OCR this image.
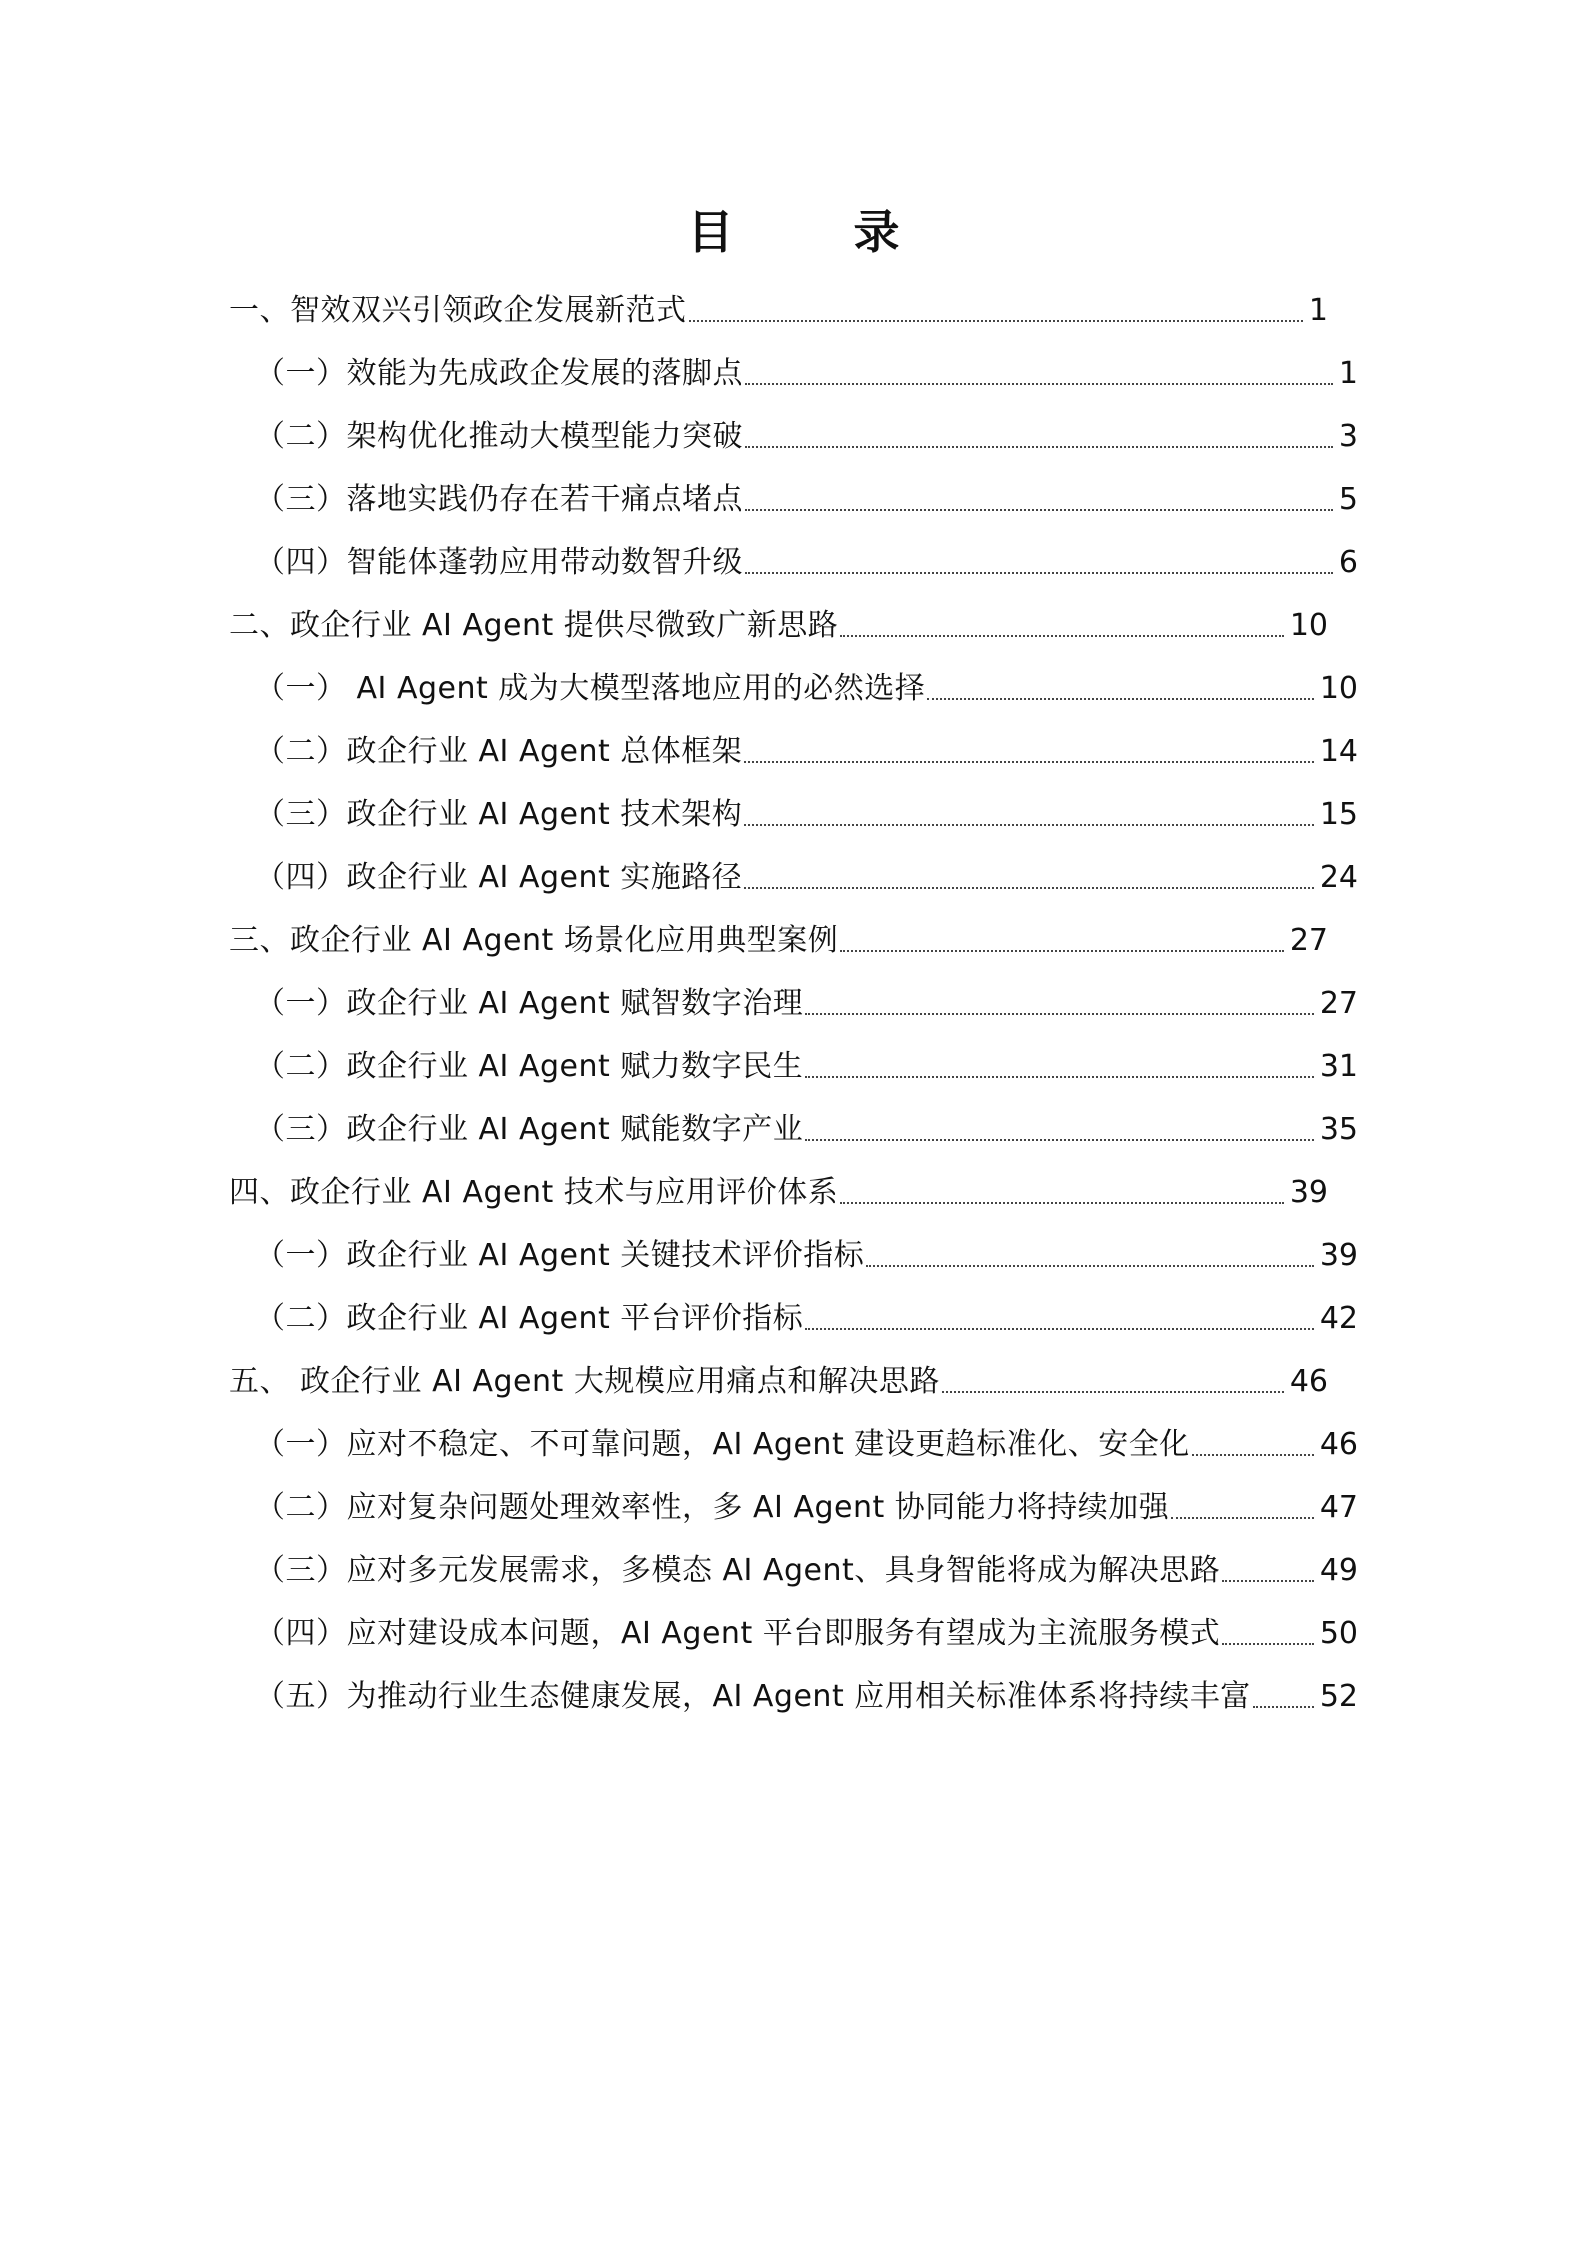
目 录
一、智效双兴引领政企发展新范式	1
（一）效能为先成政企发展的落脚点	1
（二）架构优化推动大模型能力突破	3
（三）落地实践仍存在若干痛点堵点	5
（四）智能体蓬勃应用带动数智升级	6
二、政企行业 AI Agent 提供尽微致广新思路	10
（一） AI Agent 成为大模型落地应用的必然选择	10
（二）政企行业 AI Agent 总体框架	14
（三）政企行业 AI Agent 技术架构	15
（四）政企行业 AI Agent 实施路径	24
三、政企行业 AI Agent 场景化应用典型案例	27
（一）政企行业 AI Agent 赋智数字治理	27
（二）政企行业 AI Agent 赋力数字民生	31
（三）政企行业 AI Agent 赋能数字产业	35
四、政企行业 AI Agent 技术与应用评价体系	39
（一）政企行业 AI Agent 关键技术评价指标	39
（二）政企行业 AI Agent 平台评价指标	42
五、 政企行业 AI Agent 大规模应用痛点和解决思路	46
（一）应对不稳定、不可靠问题，AI Agent 建设更趋标准化、安全化	46
（二）应对复杂问题处理效率性，多 AI Agent 协同能力将持续加强	47
（三）应对多元发展需求，多模态 AI Agent、具身智能将成为解决思路	49
（四）应对建设成本问题，AI Agent 平台即服务有望成为主流服务模式	50
（五）为推动行业生态健康发展，AI Agent 应用相关标准体系将持续丰富 52
